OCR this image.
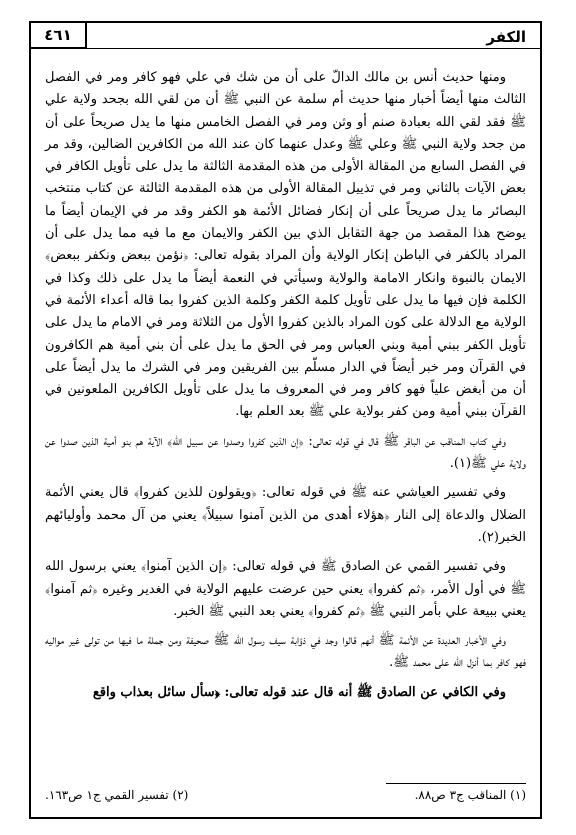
٤٦١	الكفر

ومنها حديث أنس بن مالك الدالّ على أن من شك في علي فهو كافر ومر في الفصل الثالث منها أيضاً أخبار منها حديث أم سلمة عن النبي ﷺ أن من لقي الله بجحد ولاية علي ﷺ فقد لقي الله بعبادة صنم أو وثن ومر في الفصل الخامس منها ما يدل صريحاً على أن من جحد ولاية النبي ﷺ وعلي ﷺ وعدل عنهما كان عند الله من الكافرين الضالين، وقد مر في الفصل السابع من المقالة الأولى من هذه المقدمة الثالثة ما يدل على تأويل الكافر في بعض الآيات بالثاني ومر في تذييل المقالة الأولى من هذه المقدمة الثالثة عن كتاب منتخب البصائر ما يدل صريحاً على أن إنكار فضائل الأئمة هو الكفر وقد مر في الإيمان أيضاً ما يوضح هذا المقصد من جهة التقابل الذي بين الكفر والايمان مع ما فيه مما يدل على أن المراد بالكفر في الباطن إنكار الولاية وأن المراد بقوله تعالى: ﴿نؤمن ببعض ونكفر ببعض﴾ الايمان بالنبوة وانكار الامامة والولاية وسيأتي في النعمة أيضاً ما يدل على ذلك وكذا في الكلمة فإن فيها ما يدل على تأويل كلمة الكفر وكلمة الذين كفروا بما قاله أعداء الأئمة في الولاية مع الدلالة على كون المراد بالذين كفروا الأول من الثلاثة ومر في الامام ما يدل على تأويل الكفر ببني أمية وبني العباس ومر في الحق ما يدل على أن بني أمية هم الكافرون في القرآن ومر خبر أيضاً في الدار مسلّم بين الفريقين ومر في الشرك ما يدل أيضاً على أن من أبغض علياً فهو كافر ومر في المعروف ما يدل على تأويل الكافرين الملعونين في القرآن ببني أمية ومن كفر بولاية علي ﷺ بعد العلم بها.

وفي كتاب المناقب عن الباقر ﷺ قال في قوله تعالى: ﴿إن الذين كفروا وصدوا عن سبيل الله﴾ الآية هم بنو أمية الذين صدوا عن ولاية علي ﷺ(١).

وفي تفسير العياشي عنه ﷺ في قوله تعالى: ﴿ويقولون للذين كفروا﴾ قال يعني الأئمة الضلال والدعاة إلى النار ﴿هؤلاء أهدى من الذين آمنوا سبيلاً﴾ يعني من آل محمد وأوليائهم الخبر(٢).

وفي تفسير القمي عن الصادق ﷺ في قوله تعالى: ﴿إن الذين آمنوا﴾ يعني برسول الله ﷺ في أول الأمر، ﴿ثم كفروا﴾ يعني حين عرضت عليهم الولاية في الغدير وغيره ﴿ثم آمنوا﴾ يعني ببيعة علي بأمر النبي ﷺ ﴿ثم كفروا﴾ يعني بعد النبي ﷺ الخبر.

وفي الأخبار العديدة عن الأئمة ﷺ أنهم قالوا وجد في ذؤابة سيف رسول الله ﷺ صحيفة ومن جملة ما فيها من تولى غير مواليه فهو كافر بما أنزل الله على محمد ﷺ.

وفي الكافي عن الصادق ﷺ أنه قال عند قوله تعالى: ﴿سأل سائل بعذاب واقع

(١) المناقب ج٣ ص٨٨.
(٢) تفسير القمي ج١ ص١٦٣.
